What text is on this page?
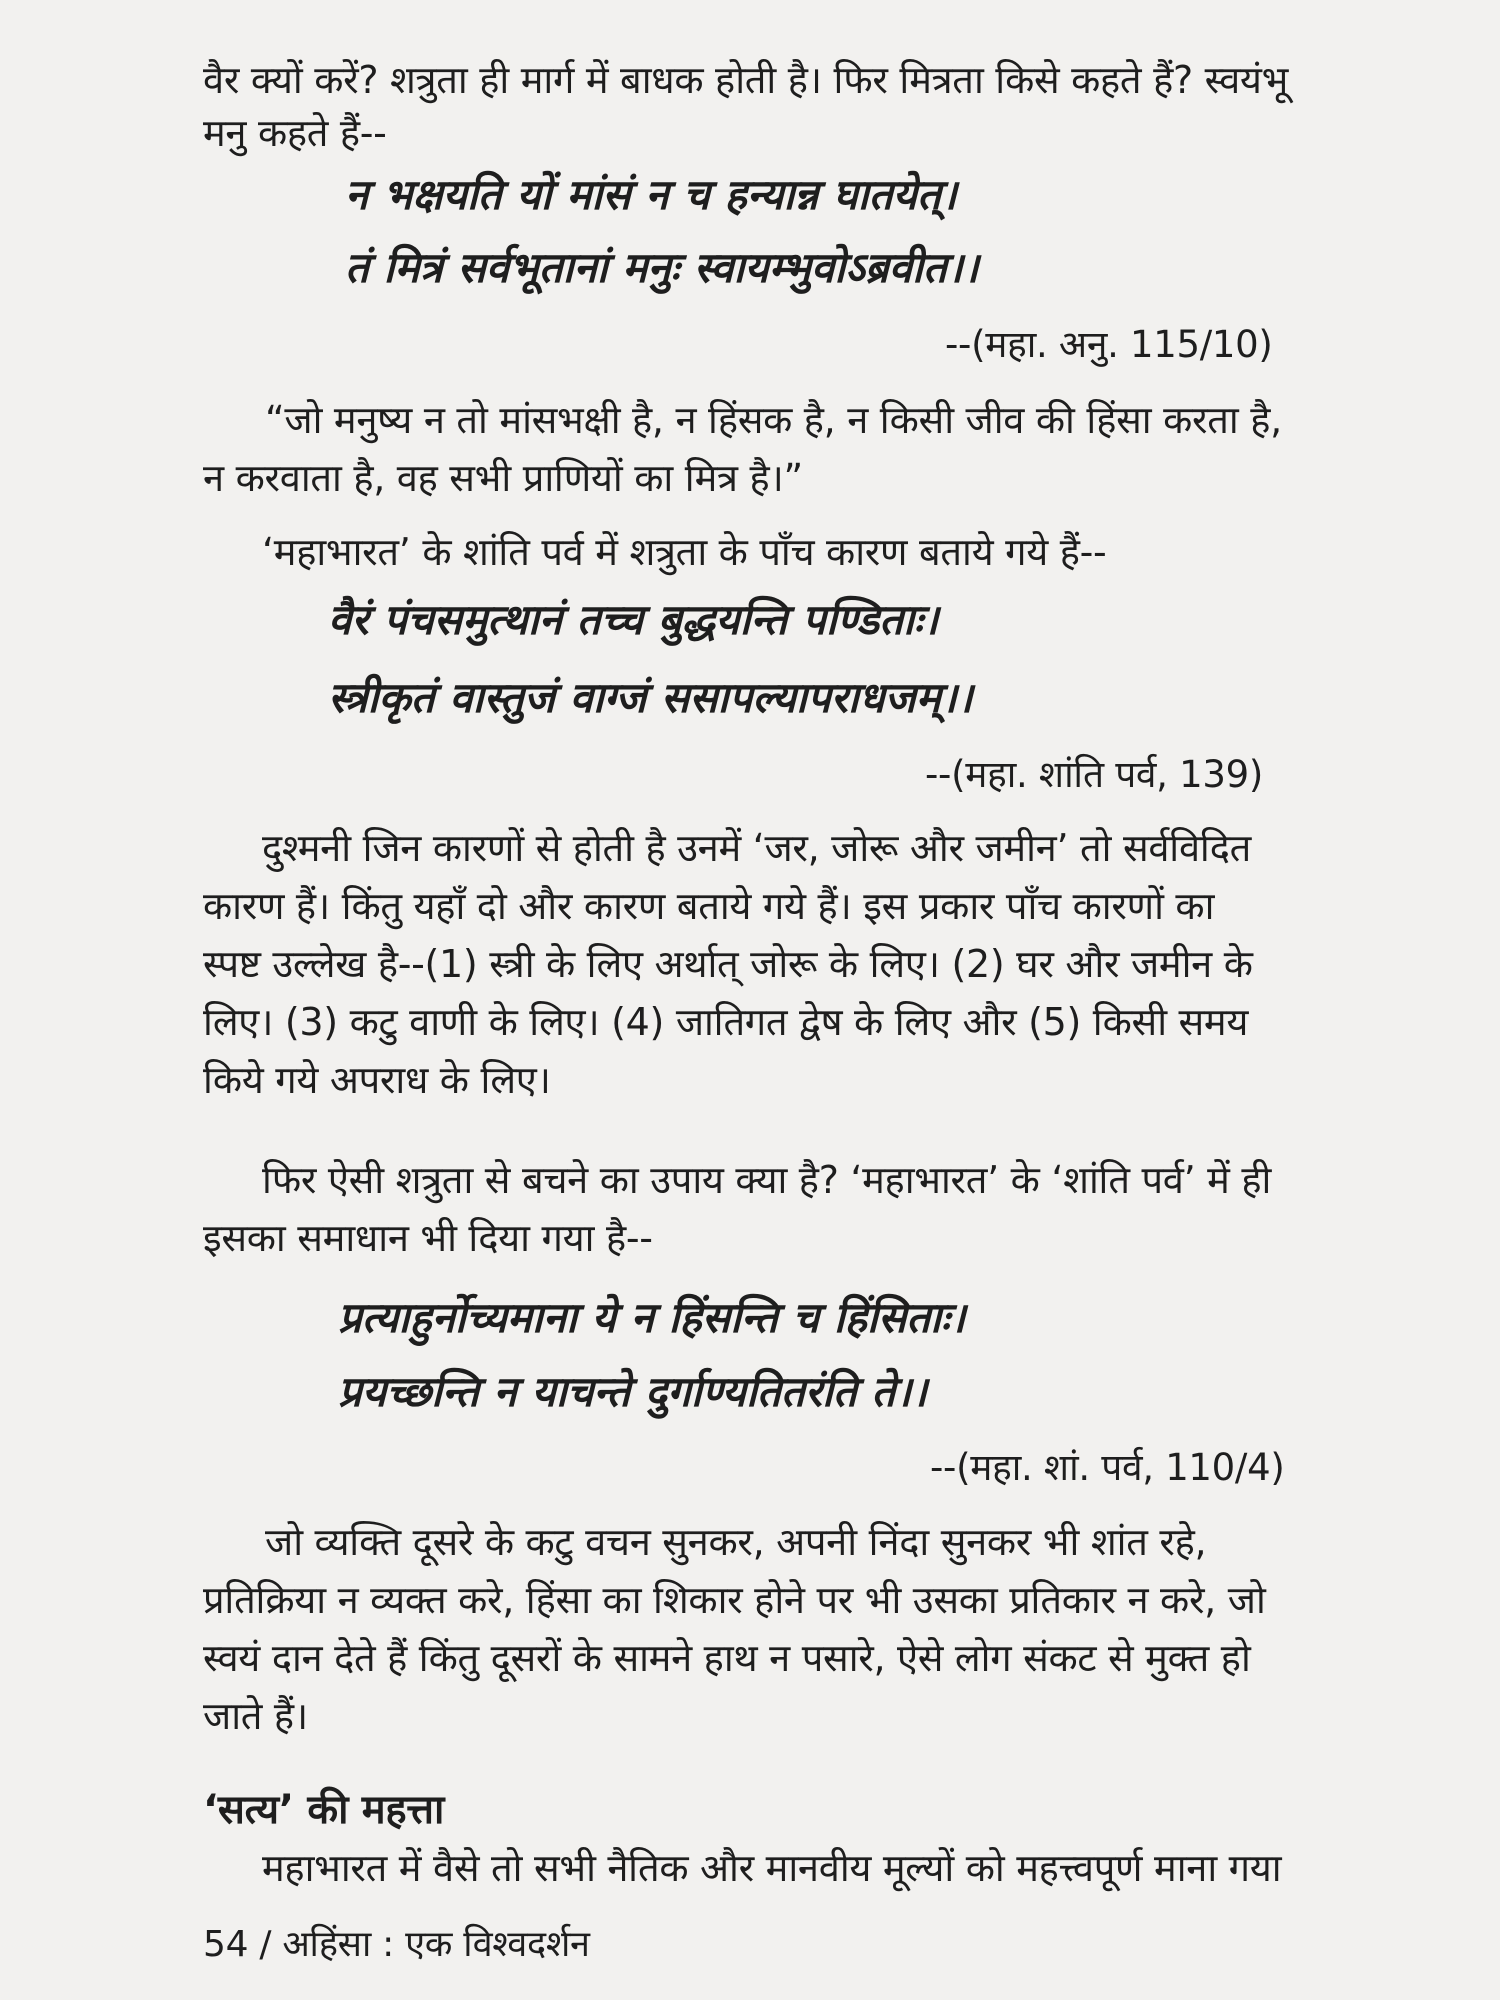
वैर क्यों करें? शत्रुता ही मार्ग में बाधक होती है। फिर मित्रता किसे कहते हैं? स्वयंभू
मनु कहते हैं--
न भक्षयति यों मांसं न च हन्यान्न घातयेत्।
तं मित्रं सर्वभूतानां मनुः स्वायम्भुवोऽब्रवीत।।
--(महा. अनु. 115/10)
“जो मनुष्य न तो मांसभक्षी है, न हिंसक है, न किसी जीव की हिंसा करता है,
न करवाता है, वह सभी प्राणियों का मित्र है।”
‘महाभारत’ के शांति पर्व में शत्रुता के पाँच कारण बताये गये हैं--
वैरं पंचसमुत्थानं तच्च बुद्धयन्ति पण्डिताः।
स्त्रीकृतं वास्तुजं वाग्जं ससापल्यापराधजम्।।
--(महा. शांति पर्व, 139)
दुश्मनी जिन कारणों से होती है उनमें ‘जर, जोरू और जमीन’ तो सर्वविदित
कारण हैं। किंतु यहाँ दो और कारण बताये गये हैं। इस प्रकार पाँच कारणों का
स्पष्ट उल्लेख है--(1) स्त्री के लिए अर्थात् जोरू के लिए। (2) घर और जमीन के
लिए। (3) कटु वाणी के लिए। (4) जातिगत द्वेष के लिए और (5) किसी समय
किये गये अपराध के लिए।
फिर ऐसी शत्रुता से बचने का उपाय क्या है? ‘महाभारत’ के ‘शांति पर्व’ में ही
इसका समाधान भी दिया गया है--
प्रत्याहुर्नोच्यमाना ये न हिंसन्ति च हिंसिताः।
प्रयच्छन्ति न याचन्ते दुर्गाण्यतितरंति ते।।
--(महा. शां. पर्व, 110/4)
जो व्यक्ति दूसरे के कटु वचन सुनकर, अपनी निंदा सुनकर भी शांत रहे,
प्रतिक्रिया न व्यक्त करे, हिंसा का शिकार होने पर भी उसका प्रतिकार न करे, जो
स्वयं दान देते हैं किंतु दूसरों के सामने हाथ न पसारे, ऐसे लोग संकट से मुक्त हो
जाते हैं।
‘सत्य’ की महत्ता
महाभारत में वैसे तो सभी नैतिक और मानवीय मूल्यों को महत्त्वपूर्ण माना गया
54 / अहिंसा : एक विश्वदर्शन
